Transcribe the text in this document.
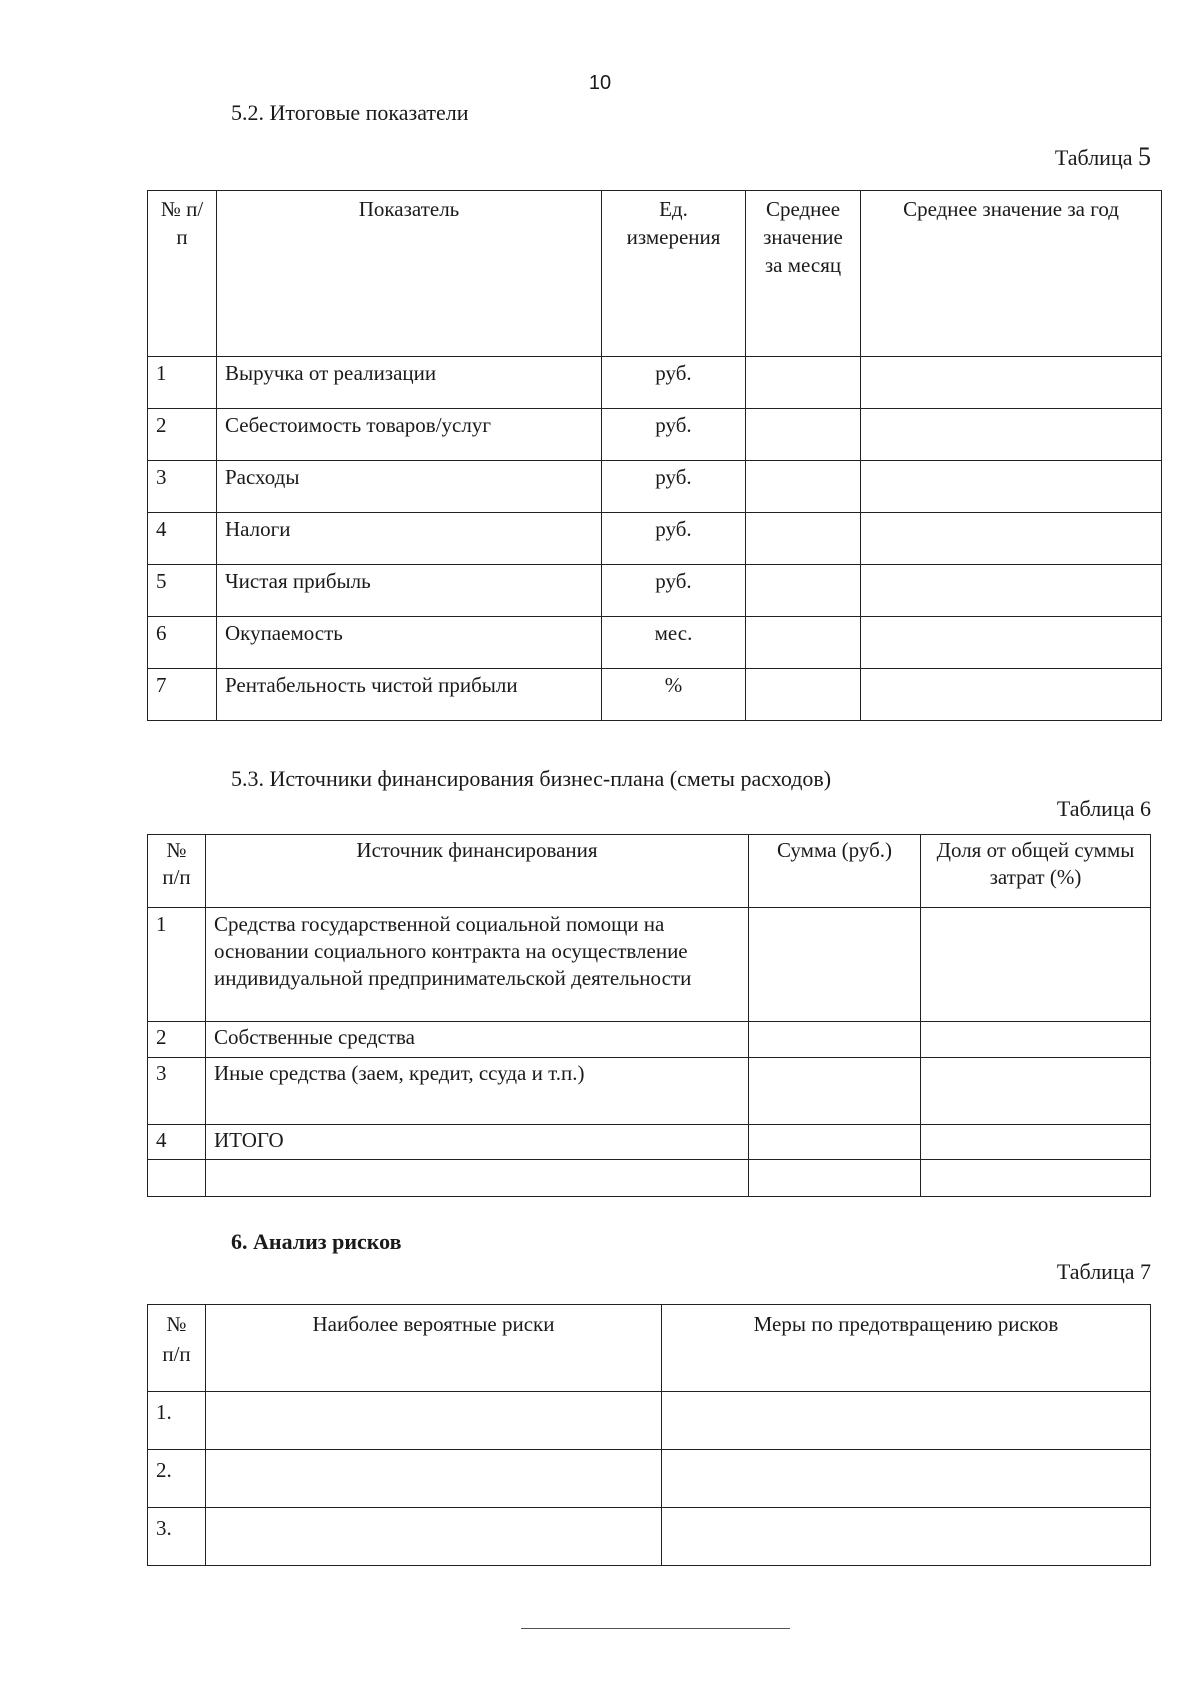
10
5.2. Итоговые показатели
Таблица 5
№ п/п	Показатель	Ед. измерения	Среднее значение за месяц	Среднее значение за год
1	Выручка от реализации	руб.		
2	Себестоимость товаров/услуг	руб.		
3	Расходы	руб.		
4	Налоги	руб.		
5	Чистая прибыль	руб.		
6	Окупаемость	мес.		
7	Рентабельность чистой прибыли	%		
5.3. Источники финансирования бизнес-плана (сметы расходов)
Таблица 6
№ п/п	Источник финансирования	Сумма (руб.)	Доля от общей суммы затрат (%)
1	Средства государственной социальной помощи на основании социального контракта на осуществление индивидуальной предпринимательской деятельности		
2	Собственные средства		
3	Иные средства (заем, кредит, ссуда и т.п.)		
4	ИТОГО		

6. Анализ рисков
Таблица 7
№ п/п	Наиболее вероятные риски	Меры по предотвращению рисков
1.		
2.		
3.		
